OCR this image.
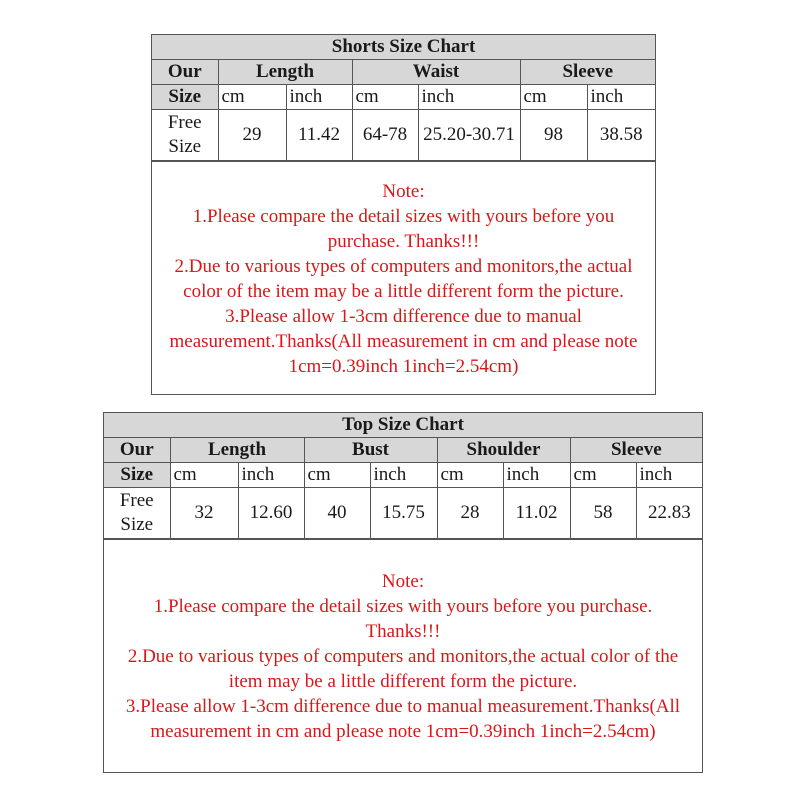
Shorts Size Chart						
Our	Length		Waist		Sleeve	
Size	cm	inch	cm	inch	cm	inch
Free
Size	29	11.42	64-78	25.20-30.71	98	38.58
Note:
1.Please compare the detail sizes with yours before you
purchase. Thanks!!!
2.Due to various types of computers and monitors,the actual
color of the item may be a little different form the picture.
3.Please allow 1-3cm difference due to manual
measurement.Thanks(All measurement in cm and please note
1cm=0.39inch 1inch=2.54cm)
Top Size Chart								
Our	Length		Bust		Shoulder		Sleeve	
Size	cm	inch	cm	inch	cm	inch	cm	inch
Free
Size	32	12.60	40	15.75	28	11.02	58	22.83
Note:
1.Please compare the detail sizes with yours before you purchase.
Thanks!!!
2.Due to various types of computers and monitors,the actual color of the
item may be a little different form the picture.
3.Please allow 1-3cm difference due to manual measurement.Thanks(All
measurement in cm and please note 1cm=0.39inch 1inch=2.54cm)
